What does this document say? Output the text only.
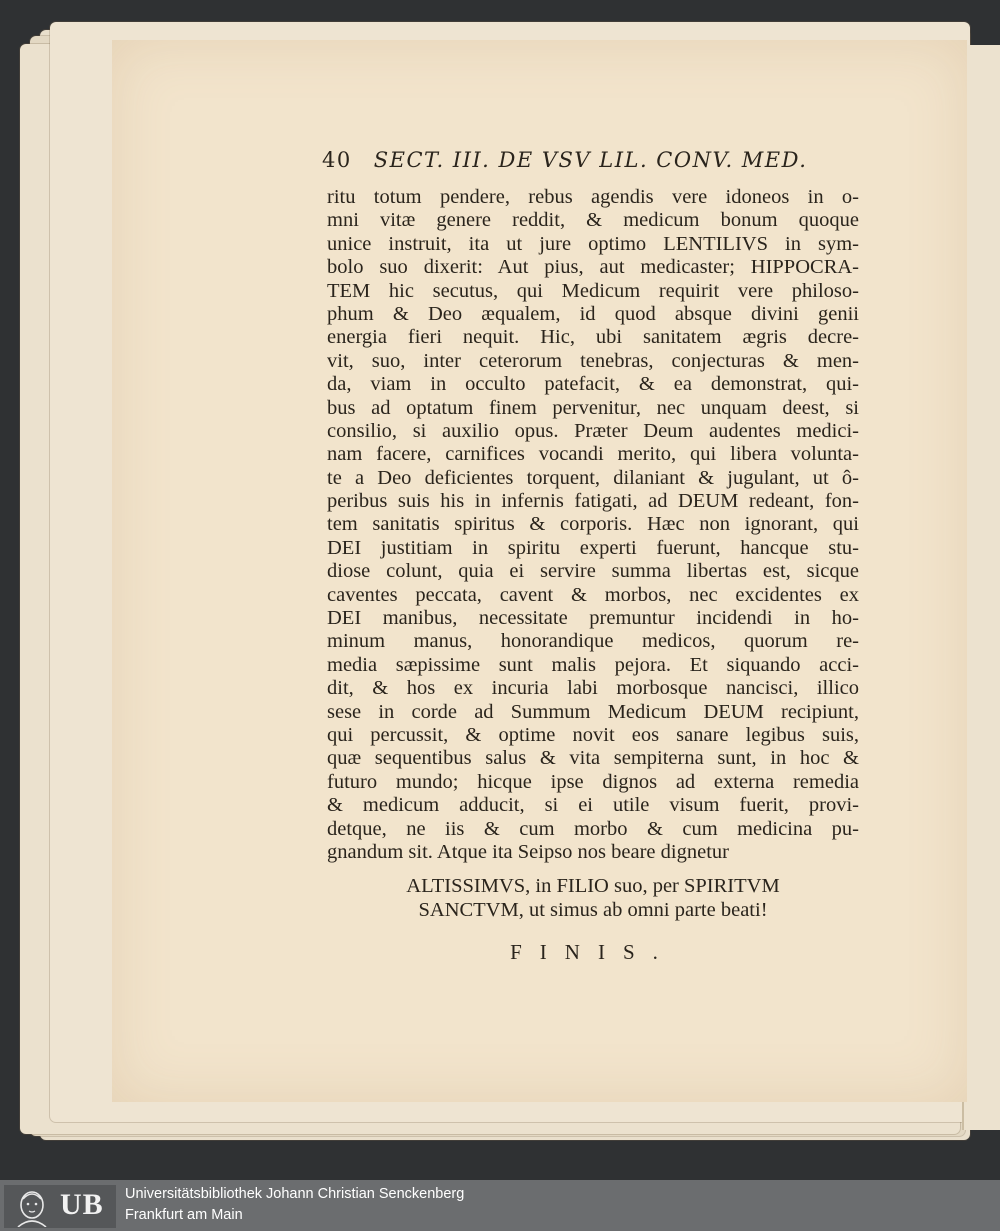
40 SECT. III. DE VSV LIL. CONV. MED.
ritu totum pendere, rebus agendis vere idoneos in o-
mni vitæ genere reddit, & medicum bonum quoque
unice instruit, ita ut jure optimo LENTILIVS in sym-
bolo suo dixerit: Aut pius, aut medicaster; HIPPOCRA-
TEM hic secutus, qui Medicum requirit vere philoso-
phum & Deo æqualem, id quod absque divini genii
energia fieri nequit. Hic, ubi sanitatem ægris decre-
vit, suo, inter ceterorum tenebras, conjecturas & men-
da, viam in occulto patefacit, & ea demonstrat, qui-
bus ad optatum finem pervenitur, nec unquam deest, si
consilio, si auxilio opus. Præter Deum audentes medici-
nam facere, carnifices vocandi merito, qui libera volunta-
te a Deo deficientes torquent, dilaniant & jugulant, ut ô-
peribus suis his in infernis fatigati, ad DEUM redeant, fon-
tem sanitatis spiritus & corporis. Hæc non ignorant, qui
DEI justitiam in spiritu experti fuerunt, hancque stu-
diose colunt, quia ei servire summa libertas est, sicque
caventes peccata, cavent & morbos, nec excidentes ex
DEI manibus, necessitate premuntur incidendi in ho-
minum manus, honorandique medicos, quorum re-
media sæpissime sunt malis pejora. Et siquando acci-
dit, & hos ex incuria labi morbosque nancisci, illico
sese in corde ad Summum Medicum DEUM recipiunt,
qui percussit, & optime novit eos sanare legibus suis,
quæ sequentibus salus & vita sempiterna sunt, in hoc &
futuro mundo; hicque ipse dignos ad externa remedia
& medicum adducit, si ei utile visum fuerit, provi-
detque, ne iis & cum morbo & cum medicina pu-
gnandum sit. Atque ita Seipso nos beare dignetur
ALTISSIMVS, in FILIO suo, per SPIRITVM
SANCTVM, ut simus ab omni parte beati!
FINIS.
UB Universitätsbibliothek Johann Christian Senckenberg
Frankfurt am Main
